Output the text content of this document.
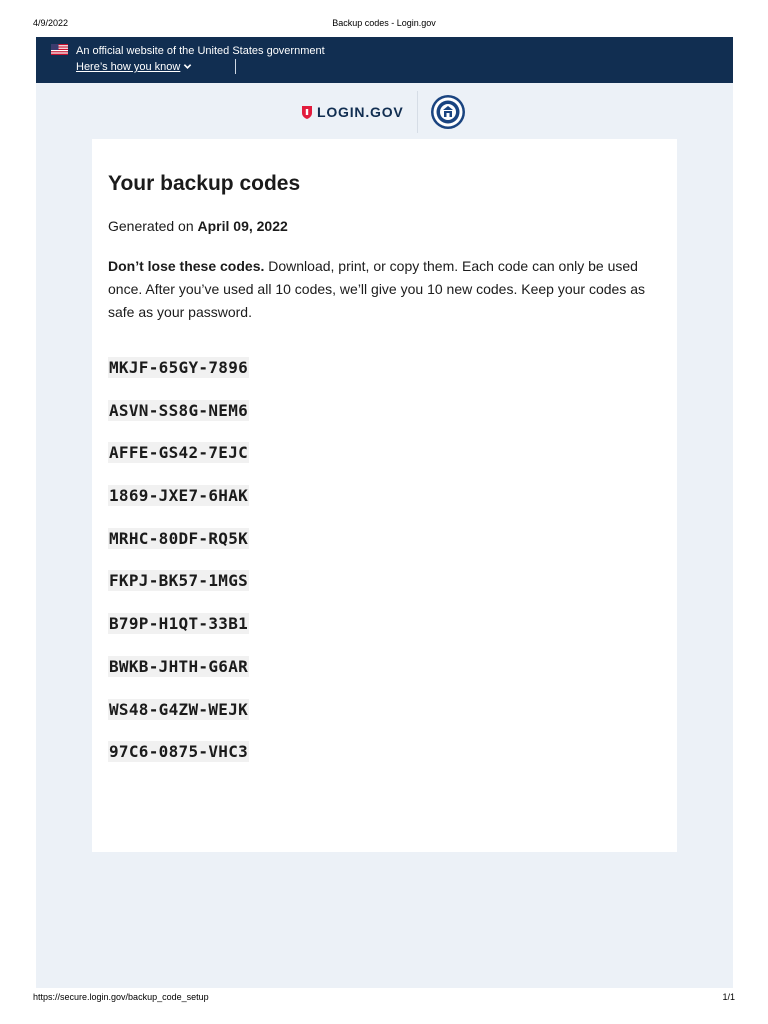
4/9/2022	Backup codes - Login.gov
An official website of the United States government
Here’s how you know
LOGIN.GOV
Your backup codes
Generated on April 09, 2022

Don’t lose these codes. Download, print, or copy them. Each code can only be used once. After you’ve used all 10 codes, we’ll give you 10 new codes. Keep your codes as safe as your password.

MKJF-65GY-7896
ASVN-SS8G-NEM6
AFFE-GS42-7EJC
1869-JXE7-6HAK
MRHC-80DF-RQ5K
FKPJ-BK57-1MGS
B79P-H1QT-33B1
BWKB-JHTH-G6AR
WS48-G4ZW-WEJK
97C6-0875-VHC3
https://secure.login.gov/backup_code_setup	1/1
